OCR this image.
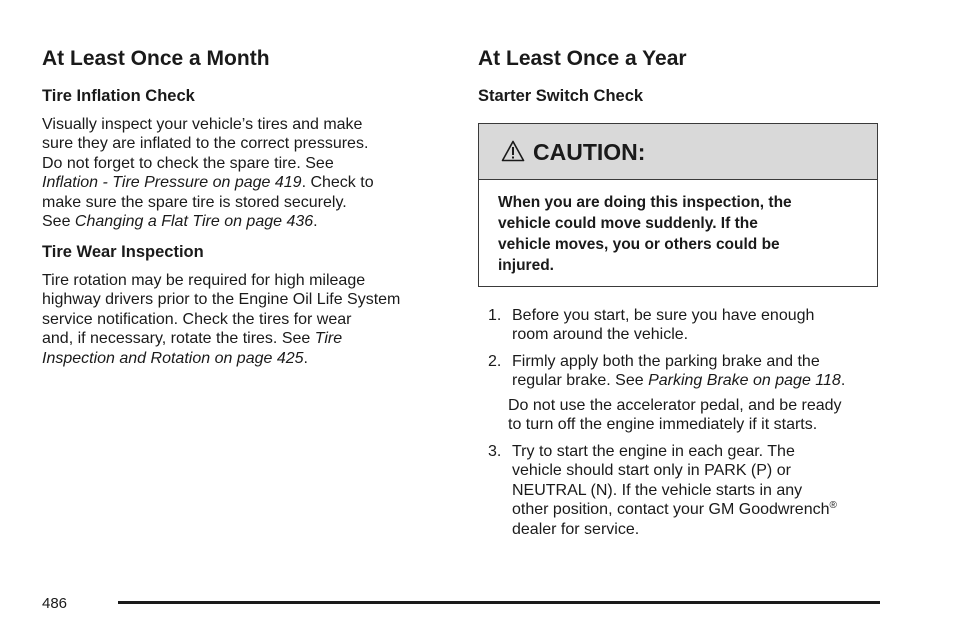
At Least Once a Month
Tire Inflation Check
Visually inspect your vehicle’s tires and make
sure they are inflated to the correct pressures.
Do not forget to check the spare tire. See
Inflation - Tire Pressure on page 419. Check to
make sure the spare tire is stored securely.
See Changing a Flat Tire on page 436.
Tire Wear Inspection
Tire rotation may be required for high mileage
highway drivers prior to the Engine Oil Life System
service notification. Check the tires for wear
and, if necessary, rotate the tires. See Tire
Inspection and Rotation on page 425.
At Least Once a Year
Starter Switch Check
CAUTION:
When you are doing this inspection, the
vehicle could move suddenly. If the
vehicle moves, you or others could be
injured.
1. Before you start, be sure you have enough
room around the vehicle.
2. Firmly apply both the parking brake and the
regular brake. See Parking Brake on page 118.
Do not use the accelerator pedal, and be ready
to turn off the engine immediately if it starts.
3. Try to start the engine in each gear. The
vehicle should start only in PARK (P) or
NEUTRAL (N). If the vehicle starts in any
other position, contact your GM Goodwrench®
dealer for service.
486
